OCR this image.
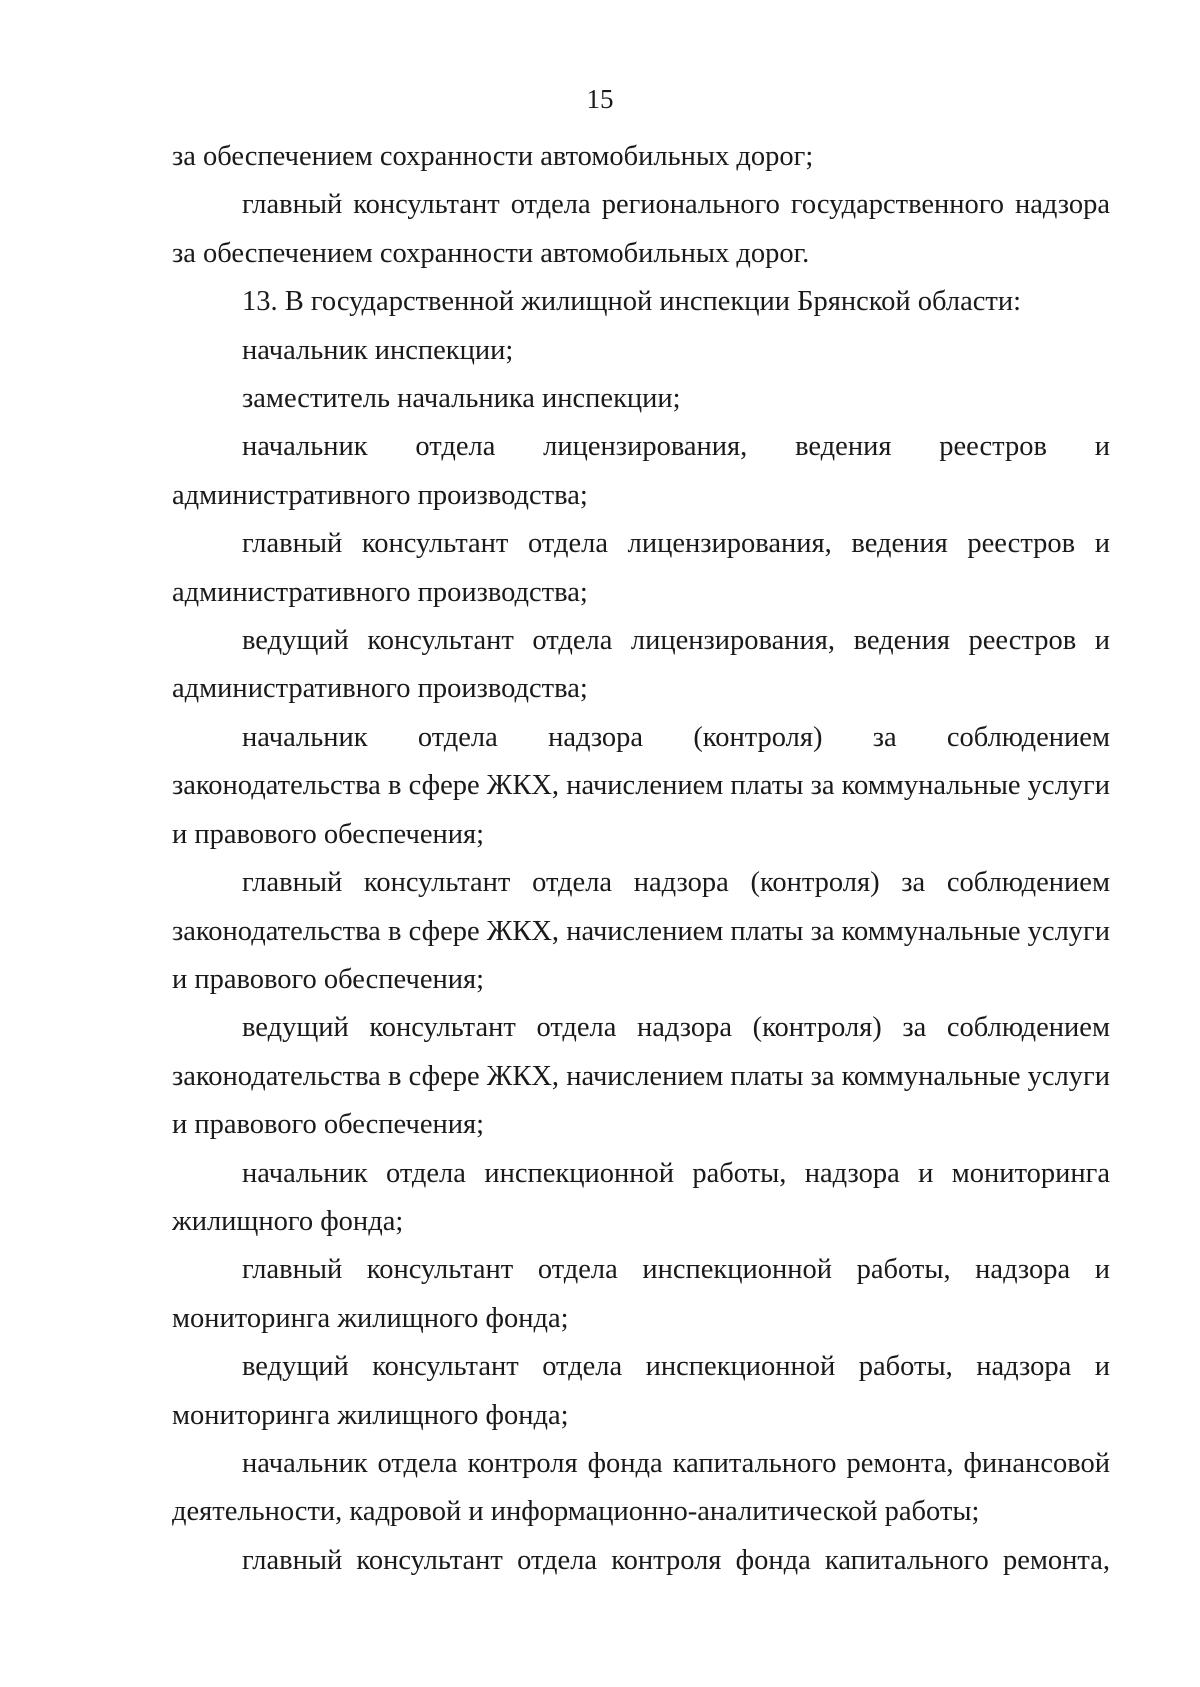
15

за обеспечением сохранности автомобильных дорог;

главный консультант отдела регионального государственного надзора за обеспечением сохранности автомобильных дорог.

13. В государственной жилищной инспекции Брянской области:

начальник инспекции;

заместитель начальника инспекции;

начальник отдела лицензирования, ведения реестров и административного производства;

главный консультант отдела лицензирования, ведения реестров и административного производства;

ведущий консультант отдела лицензирования, ведения реестров и административного производства;

начальник отдела надзора (контроля) за соблюдением законодательства в сфере ЖКХ, начислением платы за коммунальные услуги и правового обеспечения;

главный консультант отдела надзора (контроля) за соблюдением законодательства в сфере ЖКХ, начислением платы за коммунальные услуги и правового обеспечения;

ведущий консультант отдела надзора (контроля) за соблюдением законодательства в сфере ЖКХ, начислением платы за коммунальные услуги и правового обеспечения;

начальник отдела инспекционной работы, надзора и мониторинга жилищного фонда;

главный консультант отдела инспекционной работы, надзора и мониторинга жилищного фонда;

ведущий консультант отдела инспекционной работы, надзора и мониторинга жилищного фонда;

начальник отдела контроля фонда капитального ремонта, финансовой деятельности, кадровой и информационно-аналитической работы;

главный консультант отдела контроля фонда капитального ремонта,
